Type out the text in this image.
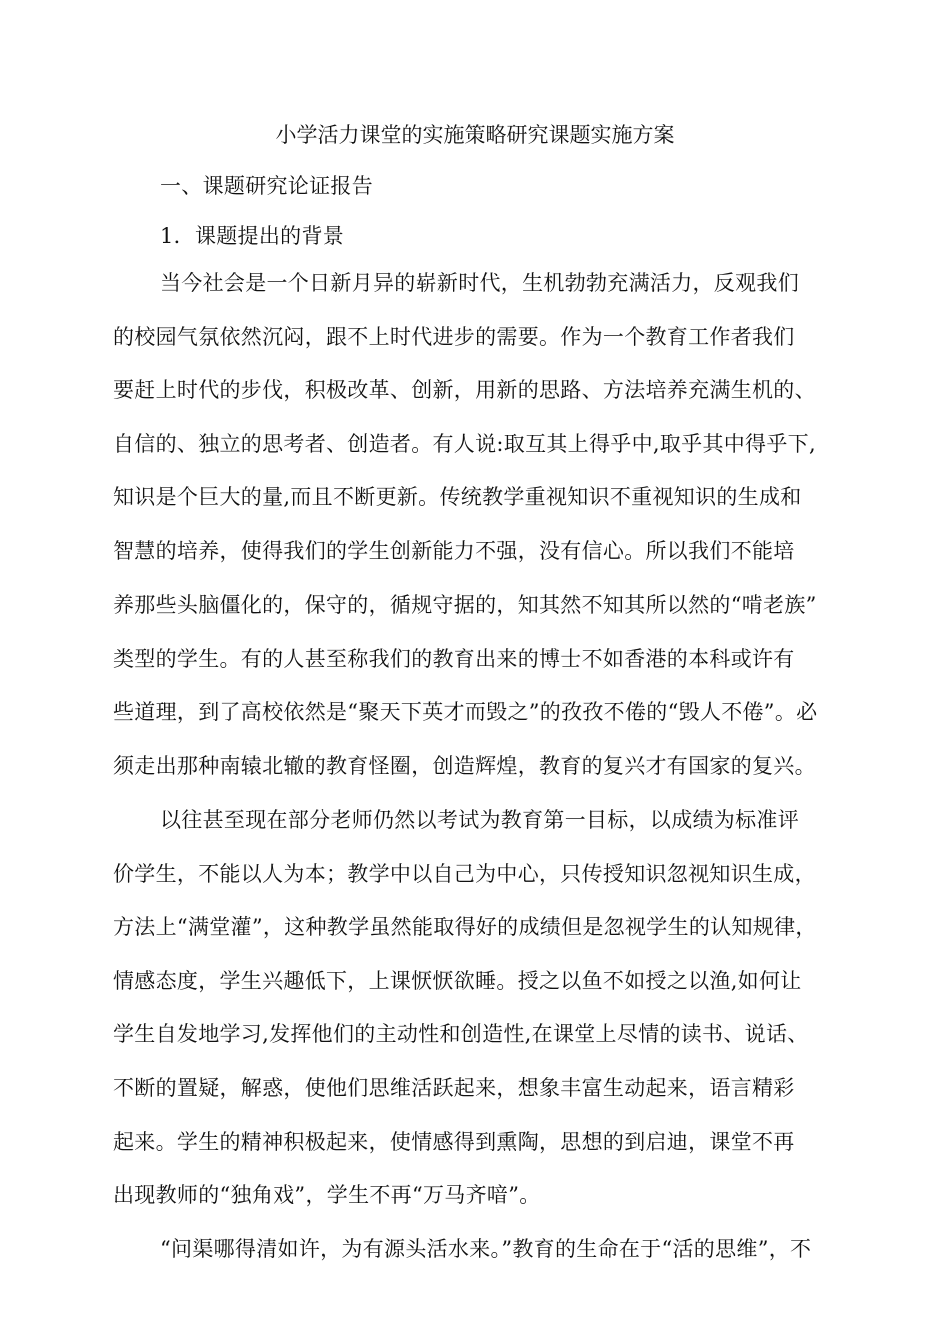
小学活力课堂的实施策略研究课题实施方案
一、课题研究论证报告
1．课题提出的背景
当今社会是一个日新月异的崭新时代，生机勃勃充满活力，反观我们
的校园气氛依然沉闷，跟不上时代进步的需要。作为一个教育工作者我们
要赶上时代的步伐，积极改革、创新，用新的思路、方法培养充满生机的、
自信的、独立的思考者、创造者。有人说:取互其上得乎中,取乎其中得乎下,
知识是个巨大的量,而且不断更新。传统教学重视知识不重视知识的生成和
智慧的培养，使得我们的学生创新能力不强，没有信心。所以我们不能培
养那些头脑僵化的，保守的，循规守据的，知其然不知其所以然的“啃老族”
类型的学生。有的人甚至称我们的教育出来的博士不如香港的本科或许有
些道理，到了高校依然是“聚天下英才而毁之”的孜孜不倦的“毁人不倦”。必
须走出那种南辕北辙的教育怪圈，创造辉煌，教育的复兴才有国家的复兴。
以往甚至现在部分老师仍然以考试为教育第一目标，以成绩为标准评
价学生，不能以人为本；教学中以自己为中心，只传授知识忽视知识生成，
方法上“满堂灌”，这种教学虽然能取得好的成绩但是忽视学生的认知规律，
情感态度，学生兴趣低下，上课恹恹欲睡。授之以鱼不如授之以渔,如何让
学生自发地学习,发挥他们的主动性和创造性,在课堂上尽情的读书、说话、
不断的置疑，解惑，使他们思维活跃起来，想象丰富生动起来，语言精彩
起来。学生的精神积极起来，使情感得到熏陶，思想的到启迪，课堂不再
出现教师的“独角戏”，学生不再“万马齐喑”。
“问渠哪得清如许，为有源头活水来。”教育的生命在于“活的思维”，不
